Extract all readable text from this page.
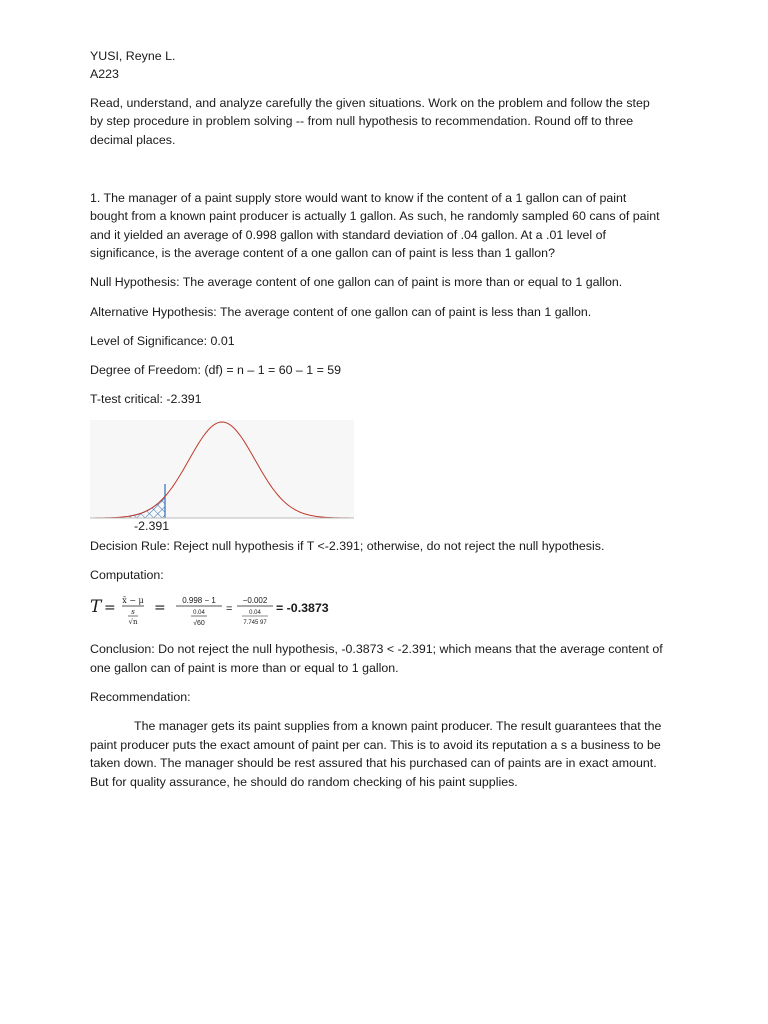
YUSI, Reyne L.
A223
Read, understand, and analyze carefully the given situations. Work on the problem and follow the step
by step procedure in problem solving -- from null hypothesis to recommendation. Round off to three
decimal places.
1. The manager of a paint supply store would want to know if the content of a 1 gallon can of paint
bought from a known paint producer is actually 1 gallon. As such, he randomly sampled 60 cans of paint
and it yielded an average of 0.998 gallon with standard deviation of .04 gallon. At a .01 level of
significance, is the average content of a one gallon can of paint is less than 1 gallon?
Null Hypothesis: The average content of one gallon can of paint is more than or equal to 1 gallon.
Alternative Hypothesis: The average content of one gallon can of paint is less than 1 gallon.
Level of Significance: 0.01
Degree of Freedom: (df) = n – 1 = 60 – 1 = 59
T-test critical: -2.391
Decision Rule: Reject null hypothesis if T <-2.391; otherwise, do not reject the null hypothesis.
Computation:
Conclusion: Do not reject the null hypothesis, -0.3873 < -2.391; which means that the average content of
one gallon can of paint is more than or equal to 1 gallon.
Recommendation:
The manager gets its paint supplies from a known paint producer. The result guarantees that the
paint producer puts the exact amount of paint per can. This is to avoid its reputation a s a business to be
taken down. The manager should be rest assured that his purchased can of paints are in exact amount.
But for quality assurance, he should do random checking of his paint supplies.
-2.391
T = x̄ − μ
s
√n
= 0.998 − 1
0.04
√60
=
−0.002
0.04
7.745 97
= -0.3873
